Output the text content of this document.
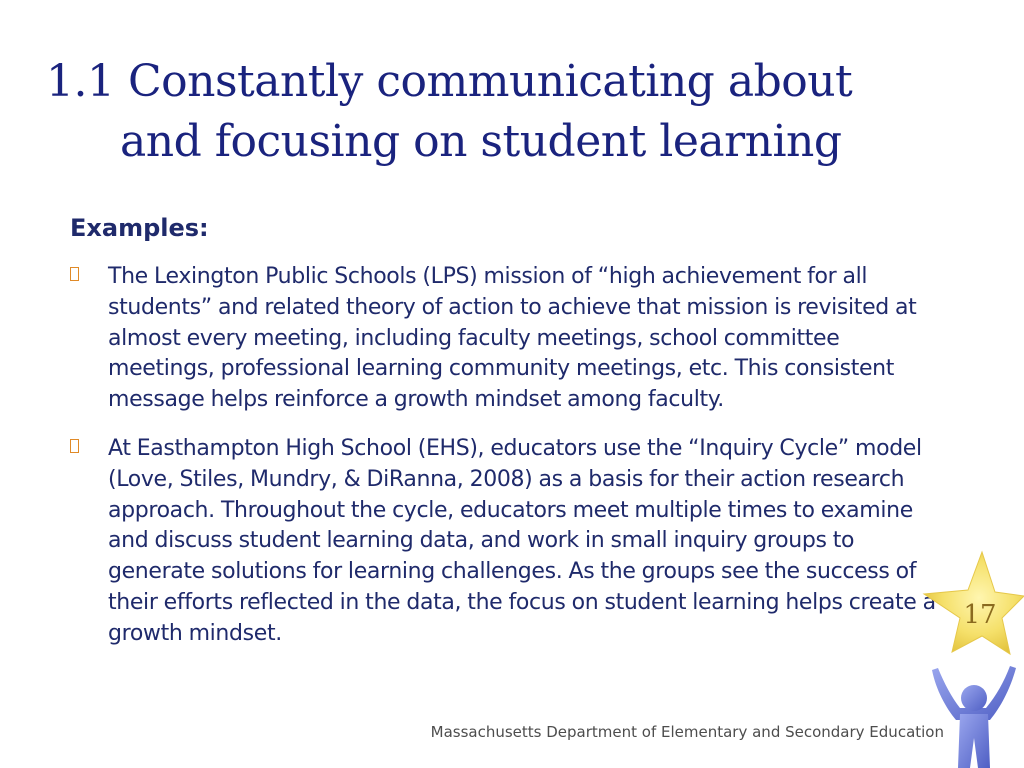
1.1 Constantly communicating about
and focusing on student learning
Examples:
The Lexington Public Schools (LPS) mission of “high achievement for all students” and related theory of action to achieve that mission is revisited at almost every meeting, including faculty meetings, school committee meetings, professional learning community meetings, etc. This consistent message helps reinforce a growth mindset among faculty.
At Easthampton High School (EHS), educators use the “Inquiry Cycle” model (Love, Stiles, Mundry, & DiRanna, 2008) as a basis for their action research approach. Throughout the cycle, educators meet multiple times to examine and discuss student learning data, and work in small inquiry groups to generate solutions for learning challenges. As the groups see the success of their efforts reflected in the data, the focus on student learning helps create a growth mindset.
Massachusetts Department of Elementary and Secondary Education
17
